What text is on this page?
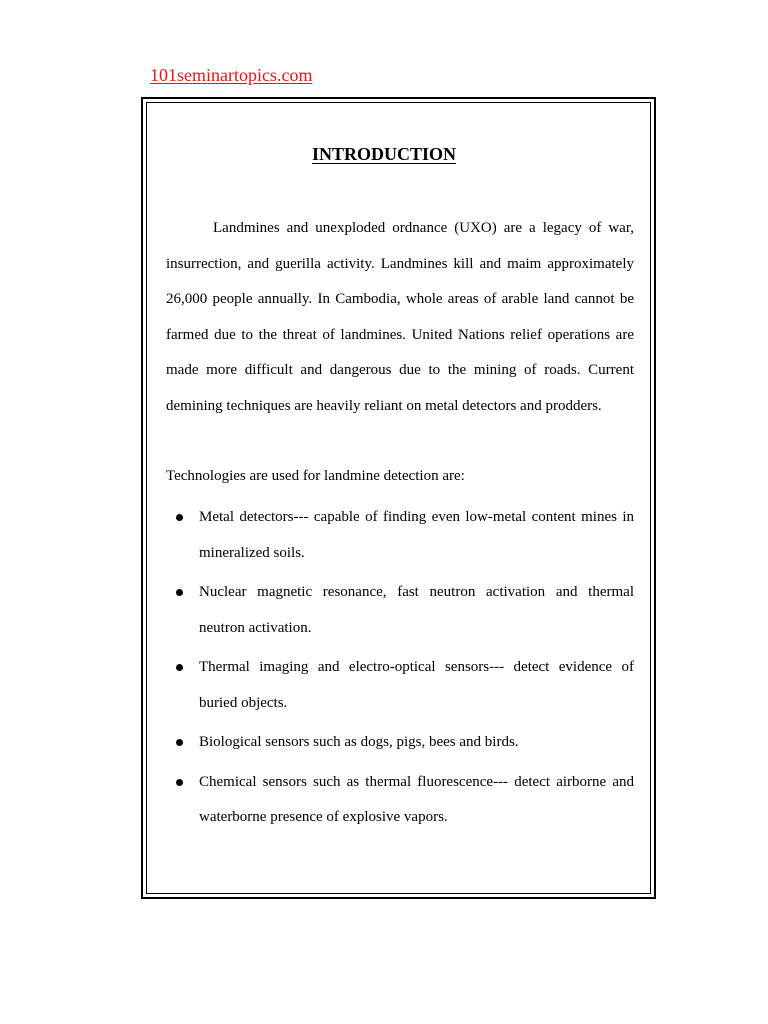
101seminartopics.com
INTRODUCTION

Landmines and unexploded ordnance (UXO) are a legacy of war, insurrection, and guerilla activity. Landmines kill and maim approximately 26,000 people annually. In Cambodia, whole areas of arable land cannot be farmed due to the threat of landmines. United Nations relief operations are made more difficult and dangerous due to the mining of roads. Current demining techniques are heavily reliant on metal detectors and prodders.

Technologies are used for landmine detection are:

Metal detectors--- capable of finding even low-metal content mines in mineralized soils.
Nuclear magnetic resonance, fast neutron activation and thermal neutron activation.
Thermal imaging and electro-optical sensors--- detect evidence of buried objects.
Biological sensors such as dogs, pigs, bees and birds.
Chemical sensors such as thermal fluorescence--- detect airborne and waterborne presence of explosive vapors.
